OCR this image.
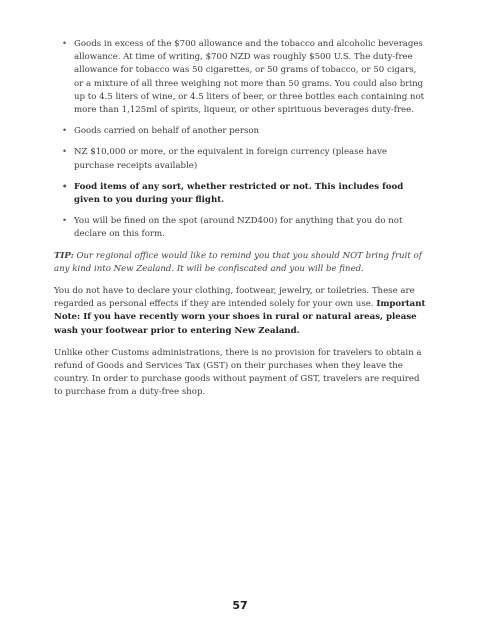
• Goods in excess of the $700 allowance and the tobacco and alcoholic beverages allowance. At time of writing, $700 NZD was roughly $500 U.S. The duty-free allowance for tobacco was 50 cigarettes, or 50 grams of tobacco, or 50 cigars, or a mixture of all three weighing not more than 50 grams. You could also bring up to 4.5 liters of wine, or 4.5 liters of beer, or three bottles each containing not more than 1,125ml of spirits, liqueur, or other spirituous beverages duty-free.
• Goods carried on behalf of another person
• NZ $10,000 or more, or the equivalent in foreign currency (please have purchase receipts available)
• Food items of any sort, whether restricted or not. This includes food given to you during your flight.
• You will be fined on the spot (around NZD400) for anything that you do not declare on this form.
TIP: Our regional office would like to remind you that you should NOT bring fruit of any kind into New Zealand. It will be confiscated and you will be fined.

You do not have to declare your clothing, footwear, jewelry, or toiletries. These are regarded as personal effects if they are intended solely for your own use. Important Note: If you have recently worn your shoes in rural or natural areas, please wash your footwear prior to entering New Zealand.

Unlike other Customs administrations, there is no provision for travelers to obtain a refund of Goods and Services Tax (GST) on their purchases when they leave the country. In order to purchase goods without payment of GST, travelers are required to purchase from a duty-free shop.

57
